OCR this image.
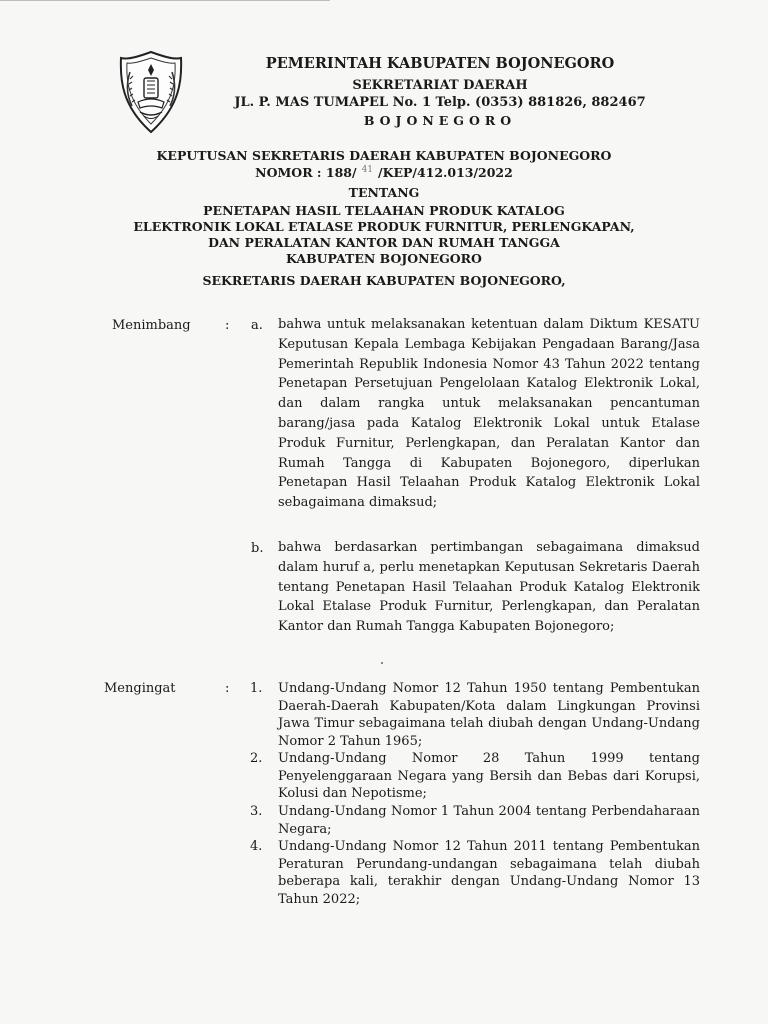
PEMERINTAH KABUPATEN BOJONEGORO
SEKRETARIAT DAERAH
JL. P. MAS TUMAPEL No. 1 Telp. (0353) 881826, 882467
BOJONEGORO
KEPUTUSAN SEKRETARIS DAERAH KABUPATEN BOJONEGORO
NOMOR : 188/ $^{41}$ /KEP/412.013/2022
TENTANG
PENETAPAN HASIL TELAAHAN PRODUK KATALOG
ELEKTRONIK LOKAL ETALASE PRODUK FURNITUR, PERLENGKAPAN,
DAN PERALATAN KANTOR DAN RUMAH TANGGA
KABUPATEN BOJONEGORO
SEKRETARIS DAERAH KABUPATEN BOJONEGORO,
Menimbang	: a. bahwa untuk melaksanakan ketentuan dalam Diktum KESATU Keputusan Kepala Lembaga Kebijakan Pengadaan Barang/Jasa Pemerintah Republik Indonesia Nomor 43 Tahun 2022 tentang Penetapan Persetujuan Pengelolaan Katalog Elektronik Lokal, dan dalam rangka untuk melaksanakan pencantuman barang/jasa pada Katalog Elektronik Lokal untuk Etalase Produk Furnitur, Perlengkapan, dan Peralatan Kantor dan Rumah Tangga di Kabupaten Bojonegoro, diperlukan Penetapan Hasil Telaahan Produk Katalog Elektronik Lokal sebagaimana dimaksud;
b. bahwa berdasarkan pertimbangan sebagaimana dimaksud dalam huruf a, perlu menetapkan Keputusan Sekretaris Daerah tentang Penetapan Hasil Telaahan Produk Katalog Elektronik Lokal Etalase Produk Furnitur, Perlengkapan, dan Peralatan Kantor dan Rumah Tangga Kabupaten Bojonegoro;
Mengingat	: 1. Undang-Undang Nomor 12 Tahun 1950 tentang Pembentukan Daerah-Daerah Kabupaten/Kota dalam Lingkungan Provinsi Jawa Timur sebagaimana telah diubah dengan Undang-Undang Nomor 2 Tahun 1965;
2. Undang-Undang Nomor 28 Tahun 1999 tentang Penyelenggaraan Negara yang Bersih dan Bebas dari Korupsi, Kolusi dan Nepotisme;
3. Undang-Undang Nomor 1 Tahun 2004 tentang Perbendaharaan Negara;
4. Undang-Undang Nomor 12 Tahun 2011 tentang Pembentukan Peraturan Perundang-undangan sebagaimana telah diubah beberapa kali, terakhir dengan Undang-Undang Nomor 13 Tahun 2022;
